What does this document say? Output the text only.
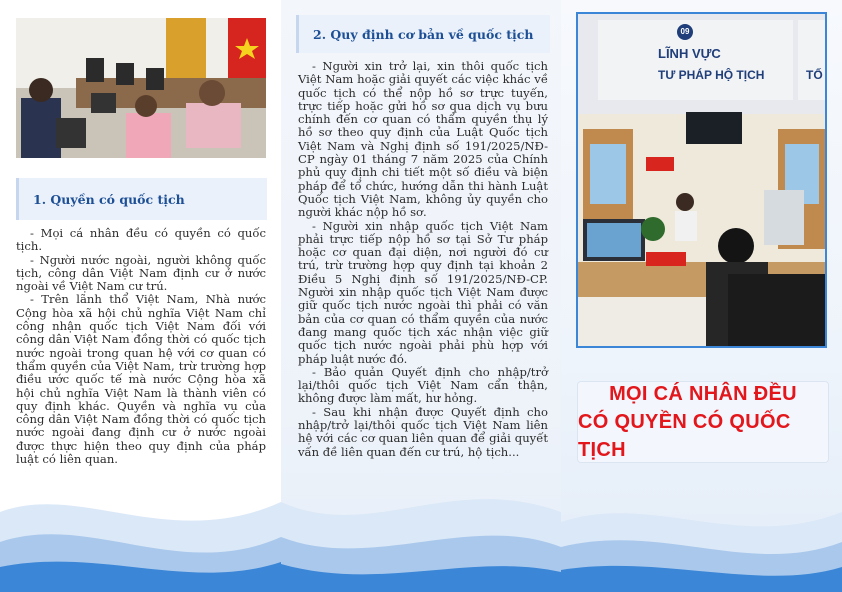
1. Quyền có quốc tịch

- Mọi cá nhân đều có quyền có quốc tịch.

- Người nước ngoài, người không quốc tịch, công dân Việt Nam định cư ở nước ngoài về Việt Nam cư trú.

- Trên lãnh thổ Việt Nam, Nhà nước Cộng hòa xã hội chủ nghĩa Việt Nam chỉ công nhận quốc tịch Việt Nam đối với công dân Việt Nam đồng thời có quốc tịch nước ngoài trong quan hệ với cơ quan có thẩm quyền của Việt Nam, trừ trường hợp điều ước quốc tế mà nước Cộng hòa xã hội chủ nghĩa Việt Nam là thành viên có quy định khác. Quyền và nghĩa vụ của công dân Việt Nam đồng thời có quốc tịch nước ngoài đang định cư ở nước ngoài được thực hiện theo quy định của pháp luật có liên quan.

2. Quy định cơ bản về quốc tịch

- Người xin trở lại, xin thôi quốc tịch Việt Nam hoặc giải quyết các việc khác về quốc tịch có thể nộp hồ sơ trực tuyến, trực tiếp hoặc gửi hồ sơ qua dịch vụ bưu chính đến cơ quan có thẩm quyền thụ lý hồ sơ theo quy định của Luật Quốc tịch Việt Nam và Nghị định số 191/2025/NĐ-CP ngày 01 tháng 7 năm 2025 của Chính phủ quy định chi tiết một số điều và biện pháp để tổ chức, hướng dẫn thi hành Luật Quốc tịch Việt Nam, không ủy quyền cho người khác nộp hồ sơ.

- Người xin nhập quốc tịch Việt Nam phải trực tiếp nộp hồ sơ tại Sở Tư pháp hoặc cơ quan đại diện, nơi người đó cư trú, trừ trường hợp quy định tại khoản 2 Điều 5 Nghị định số 191/2025/NĐ-CP. Người xin nhập quốc tịch Việt Nam được giữ quốc tịch nước ngoài thì phải có văn bản của cơ quan có thẩm quyền của nước đang mang quốc tịch xác nhận việc giữ quốc tịch nước ngoài phải phù hợp với pháp luật nước đó.

- Bảo quản Quyết định cho nhập/trở lại/thôi quốc tịch Việt Nam cẩn thận, không được làm mất, hư hỏng.

- Sau khi nhận được Quyết định cho nhập/trở lại/thôi quốc tịch Việt Nam liên hệ với các cơ quan liên quan để giải quyết vấn đề liên quan đến cư trú, hộ tịch...

09
LĨNH VỰC
TƯ PHÁP HỘ TỊCH	TỐ
MỌI CÁ NHÂN ĐỀU
CÓ QUYỀN CÓ QUỐC TỊCH
